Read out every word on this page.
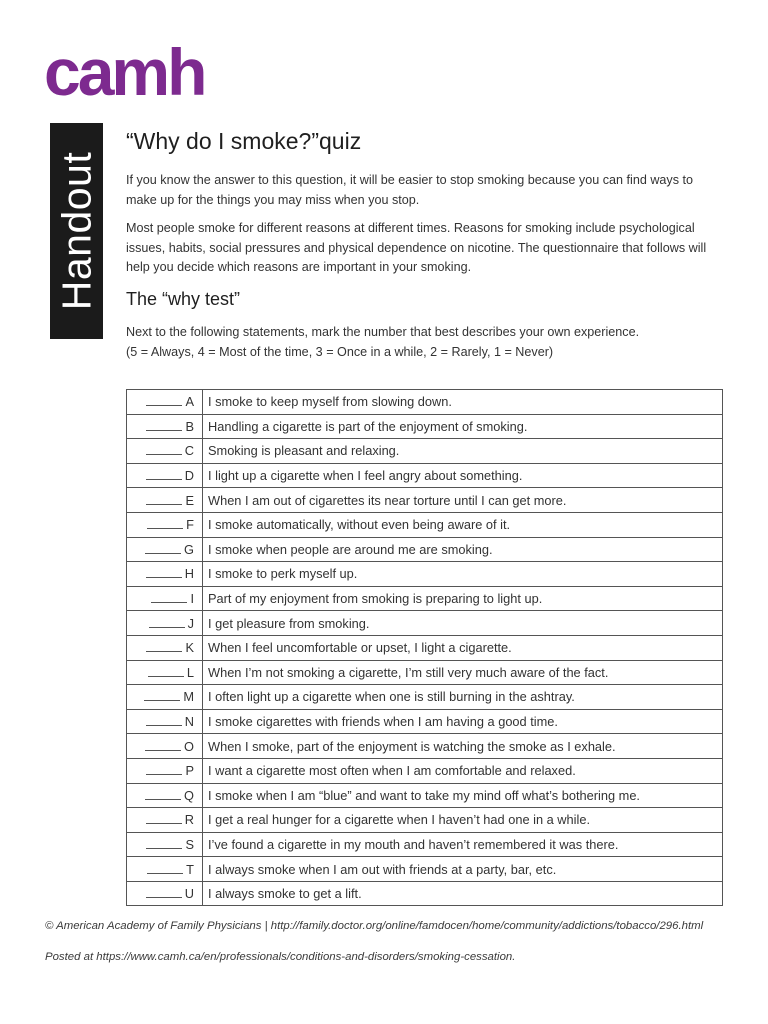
camh
Handout
“Why do I smoke?”quiz

If you know the answer to this question, it will be easier to stop smoking because you can find ways to make up for the things you may miss when you stop.

Most people smoke for different reasons at different times. Reasons for smoking include psychological issues, habits, social pressures and physical dependence on nicotine. The questionnaire that follows will help you decide which reasons are important in your smoking.

The “why test”

Next to the following statements, mark the number that best describes your own experience.

(5 = Always, 4 = Most of the time, 3 = Once in a while, 2 = Rarely, 1 = Never)

A	I smoke to keep myself from slowing down.
B	Handling a cigarette is part of the enjoyment of smoking.
C	Smoking is pleasant and relaxing.
D	I light up a cigarette when I feel angry about something.
E	When I am out of cigarettes its near torture until I can get more.
F	I smoke automatically, without even being aware of it.
G	I smoke when people are around me are smoking.
H	I smoke to perk myself up.
I	Part of my enjoyment from smoking is preparing to light up.
J	I get pleasure from smoking.
K	When I feel uncomfortable or upset, I light a cigarette.
L	When I’m not smoking a cigarette, I’m still very much aware of the fact.
M	I often light up a cigarette when one is still burning in the ashtray.
N	I smoke cigarettes with friends when I am having a good time.
O	When I smoke, part of the enjoyment is watching the smoke as I exhale.
P	I want a cigarette most often when I am comfortable and relaxed.
Q	I smoke when I am “blue” and want to take my mind off what’s bothering me.
R	I get a real hunger for a cigarette when I haven’t had one in a while.
S	I’ve found a cigarette in my mouth and haven’t remembered it was there.
T	I always smoke when I am out with friends at a party, bar, etc.
U	I always smoke to get a lift.

© American Academy of Family Physicians | http://family.doctor.org/online/famdocen/home/community/addictions/tobacco/296.html

Posted at https://www.camh.ca/en/professionals/conditions-and-disorders/smoking-cessation.
